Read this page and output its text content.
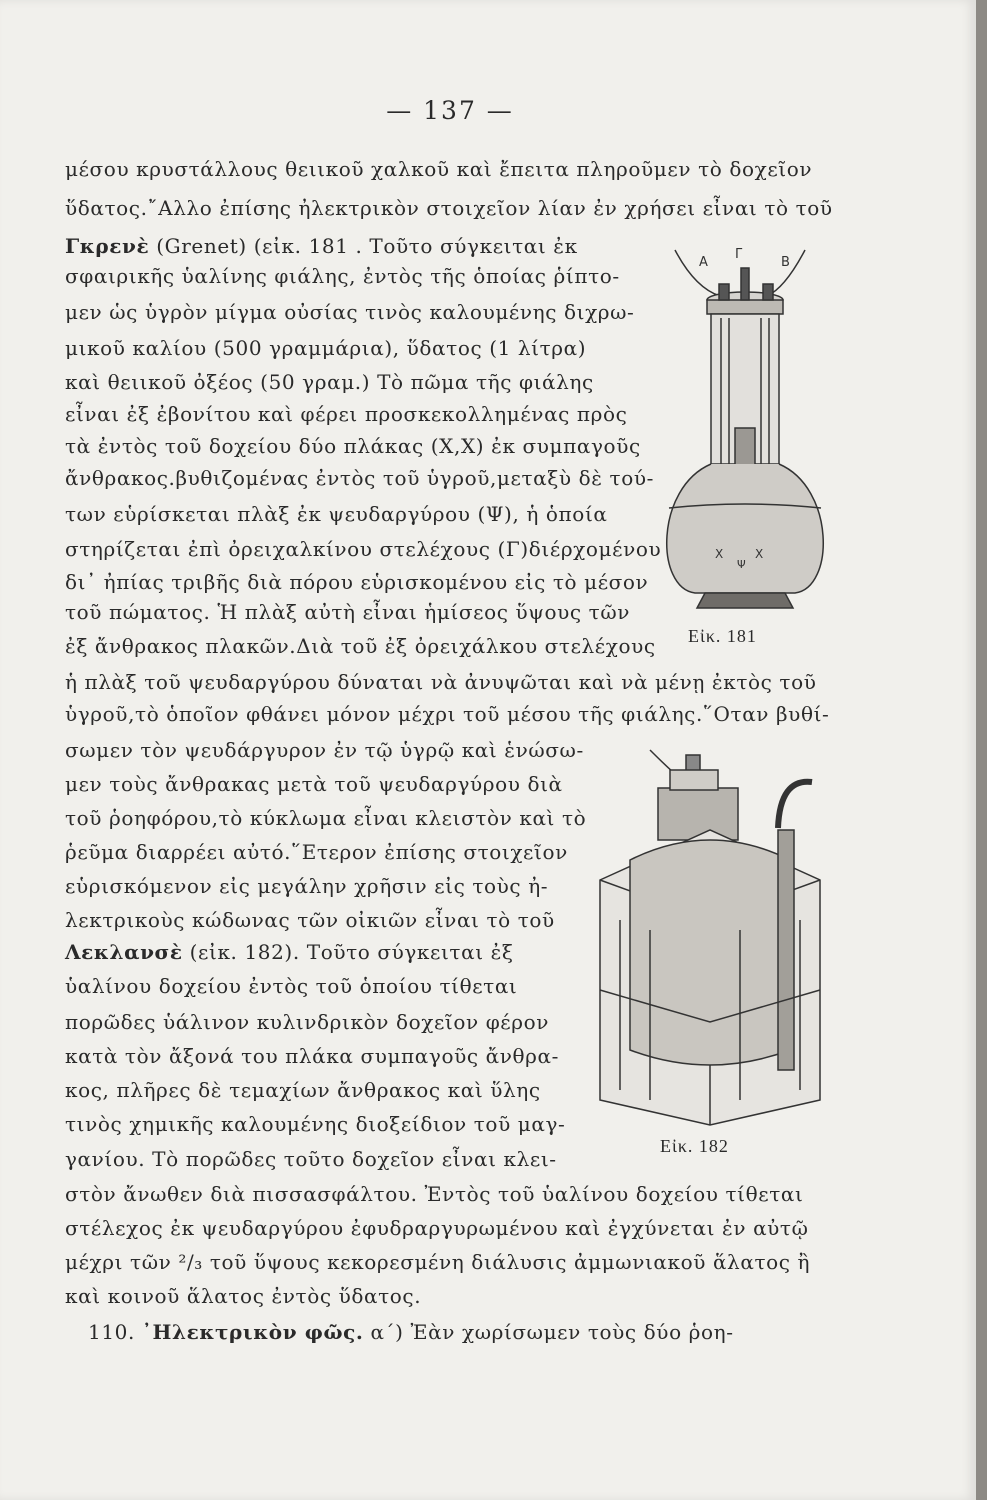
— 137 —
μέσου κρυστάλλους θειικοῦ χαλκοῦ καὶ ἔπειτα πληροῦμεν τὸ δοχεῖον
ὕδατος.῎Αλλο ἐπίσης ἠλεκτρικὸν στοιχεῖον λίαν ἐν χρήσει εἶναι τὸ τοῦ
Γκρενὲ (Grenet) (εἰκ. 181 . Τοῦτο σύγκειται ἐκ
σφαιρικῆς ὑαλίνης φιάλης, ἐντὸς τῆς ὁποίας ῥίπτο-
μεν ὡς ὑγρὸν μίγμα οὐσίας τινὸς καλουμένης διχρω-
μικοῦ καλίου (500 γραμμάρια), ὕδατος (1 λίτρα)
καὶ θειικοῦ ὀξέος (50 γραμ.) Τὸ πῶμα τῆς φιάλης
εἶναι ἐξ ἐβονίτου καὶ φέρει προσκεκολλημένας πρὸς
τὰ ἐντὸς τοῦ δοχείου δύο πλάκας (Χ,Χ) ἐκ συμπαγοῦς
ἄνθρακος.βυθιζομένας ἐντὸς τοῦ ὑγροῦ,μεταξὺ δὲ τού-
των εὑρίσκεται πλὰξ ἐκ ψευδαργύρου (Ψ), ἡ ὁποία
στηρίζεται ἐπὶ ὀρειχαλκίνου στελέχους (Γ)διέρχομένου
δι᾽ ἠπίας τριβῆς διὰ πόρου εὑρισκομένου εἰς τὸ μέσον
τοῦ πώματος. Ἡ πλὰξ αὐτὴ εἶναι ἡμίσεος ὕψους τῶν
ἐξ ἄνθρακος πλακῶν.Διὰ τοῦ ἐξ ὀρειχάλκου στελέχους
ἡ πλὰξ τοῦ ψευδαργύρου δύναται νὰ ἀνυψῶται καὶ νὰ μένῃ ἐκτὸς τοῦ
ὑγροῦ,τὸ ὁποῖον φθάνει μόνον μέχρι τοῦ μέσου τῆς φιάλης.῞Οταν βυθί-
σωμεν τὸν ψευδάργυρον ἐν τῷ ὑγρῷ καὶ ἑνώσω-
μεν τοὺς ἄνθρακας μετὰ τοῦ ψευδαργύρου διὰ
τοῦ ῥοηφόρου,τὸ κύκλωμα εἶναι κλειστὸν καὶ τὸ
ῥεῦμα διαρρέει αὐτό.῞Ετερον ἐπίσης στοιχεῖον
εὑρισκόμενον εἰς μεγάλην χρῆσιν εἰς τοὺς ἠ-
λεκτρικοὺς κώδωνας τῶν οἰκιῶν εἶναι τὸ τοῦ
Λεκλανσὲ (εἰκ. 182). Τοῦτο σύγκειται ἐξ
ὑαλίνου δοχείου ἐντὸς τοῦ ὁποίου τίθεται
πορῶδες ὑάλινον κυλινδρικὸν δοχεῖον φέρον
κατὰ τὸν ἄξονά του πλάκα συμπαγοῦς ἄνθρα-
κος, πλῆρες δὲ τεμαχίων ἄνθρακος καὶ ὕλης
τινὸς χημικῆς καλουμένης διοξείδιον τοῦ μαγ-
γανίου. Τὸ πορῶδες τοῦτο δοχεῖον εἶναι κλει-
στὸν ἄνωθεν διὰ πισσασφάλτου. Ἐντὸς τοῦ ὑαλίνου δοχείου τίθεται
στέλεχος ἐκ ψευδαργύρου ἐφυδραργυρωμένου καὶ ἐγχύνεται ἐν αὐτῷ
μέχρι τῶν ²/₃ τοῦ ὕψους κεκορεσμένη διάλυσις ἀμμωνιακοῦ ἅλατος ἢ
καὶ κοινοῦ ἅλατος ἐντὸς ὕδατος.
110. ᾿Ηλεκτρικὸν φῶς. α΄) Ἐὰν χωρίσωμεν τοὺς δύο ῥοη-
Α
Γ
Β
Χ
Ψ
Χ
Εἰκ. 181
Εἰκ. 182
